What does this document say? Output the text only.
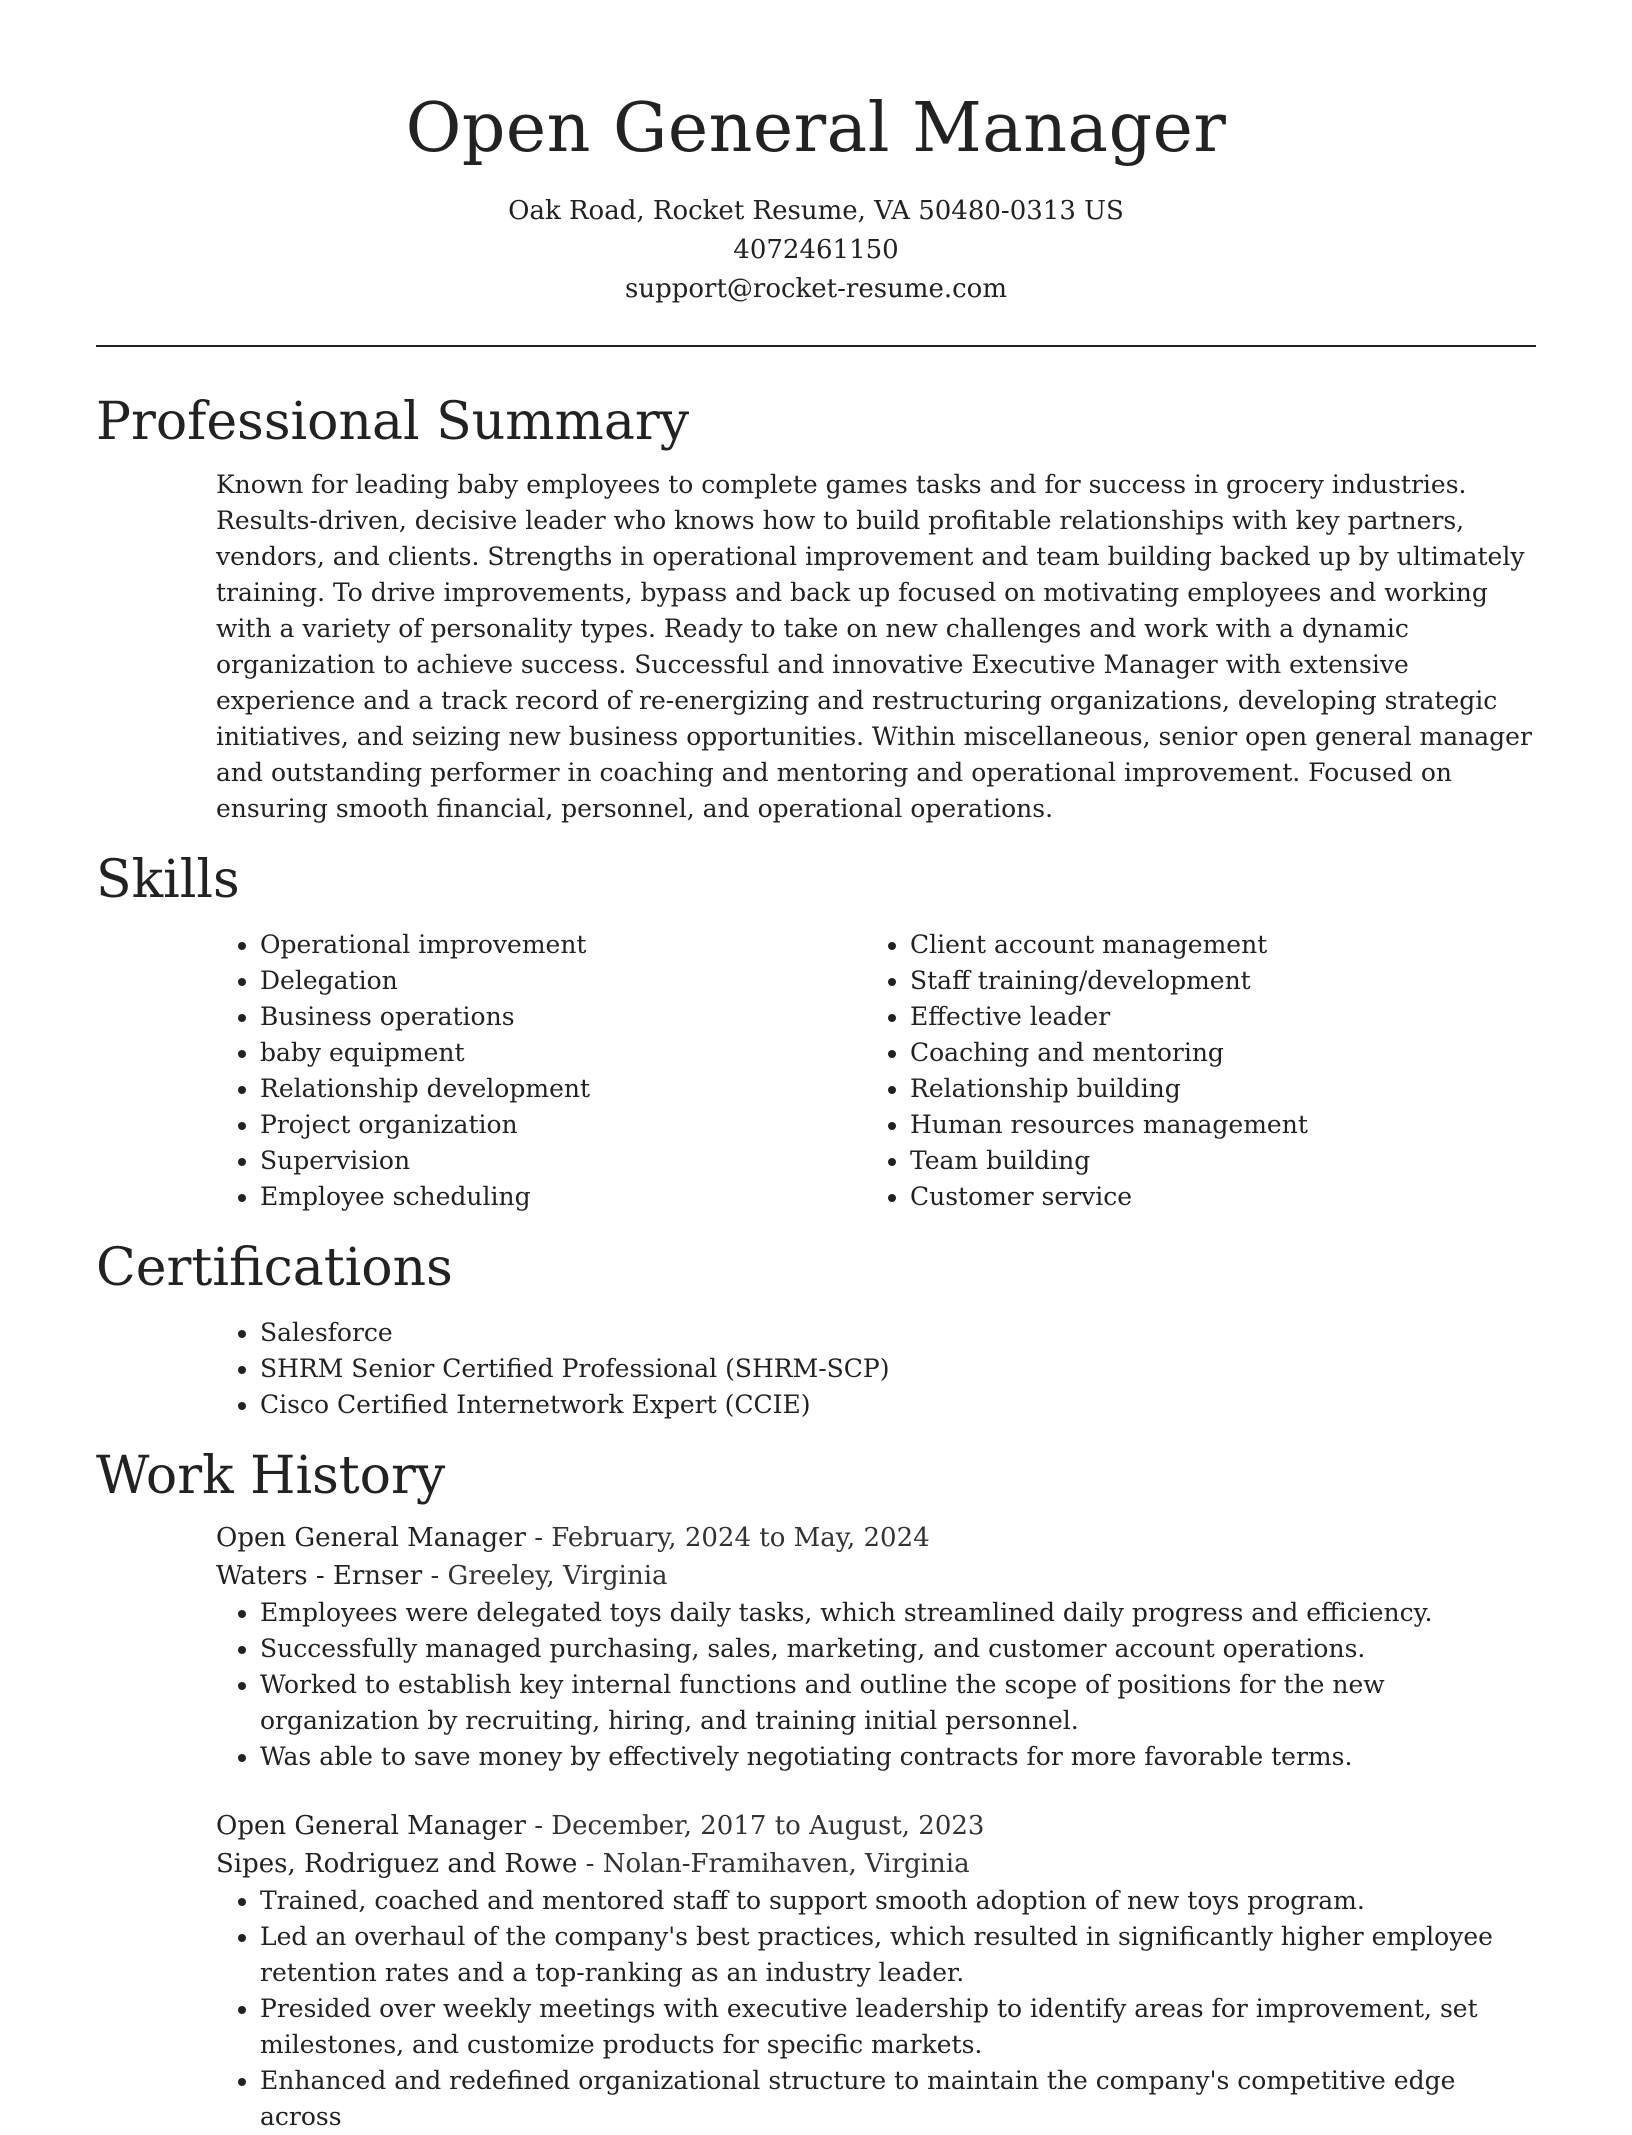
Open General Manager
Oak Road, Rocket Resume, VA 50480-0313 US
4072461150
support@rocket-resume.com
Professional Summary
Known for leading baby employees to complete games tasks and for success in grocery industries. Results-driven, decisive leader who knows how to build profitable relationships with key partners, vendors, and clients. Strengths in operational improvement and team building backed up by ultimately training. To drive improvements, bypass and back up focused on motivating employees and working with a variety of personality types. Ready to take on new challenges and work with a dynamic organization to achieve success. Successful and innovative Executive Manager with extensive experience and a track record of re-energizing and restructuring organizations, developing strategic initiatives, and seizing new business opportunities. Within miscellaneous, senior open general manager and outstanding performer in coaching and mentoring and operational improvement. Focused on ensuring smooth financial, personnel, and operational operations.
Skills
• Operational improvement
• Delegation
• Business operations
• baby equipment
• Relationship development
• Project organization
• Supervision
• Employee scheduling
• Client account management
• Staff training/development
• Effective leader
• Coaching and mentoring
• Relationship building
• Human resources management
• Team building
• Customer service
Certifications
• Salesforce
• SHRM Senior Certified Professional (SHRM-SCP)
• Cisco Certified Internetwork Expert (CCIE)
Work History
Open General Manager - February, 2024 to May, 2024
Waters - Ernser - Greeley, Virginia
• Employees were delegated toys daily tasks, which streamlined daily progress and efficiency.
• Successfully managed purchasing, sales, marketing, and customer account operations.
• Worked to establish key internal functions and outline the scope of positions for the new organization by recruiting, hiring, and training initial personnel.
• Was able to save money by effectively negotiating contracts for more favorable terms.
Open General Manager - December, 2017 to August, 2023
Sipes, Rodriguez and Rowe - Nolan-Framihaven, Virginia
• Trained, coached and mentored staff to support smooth adoption of new toys program.
• Led an overhaul of the company's best practices, which resulted in significantly higher employee retention rates and a top-ranking as an industry leader.
• Presided over weekly meetings with executive leadership to identify areas for improvement, set milestones, and customize products for specific markets.
• Enhanced and redefined organizational structure to maintain the company's competitive edge across
